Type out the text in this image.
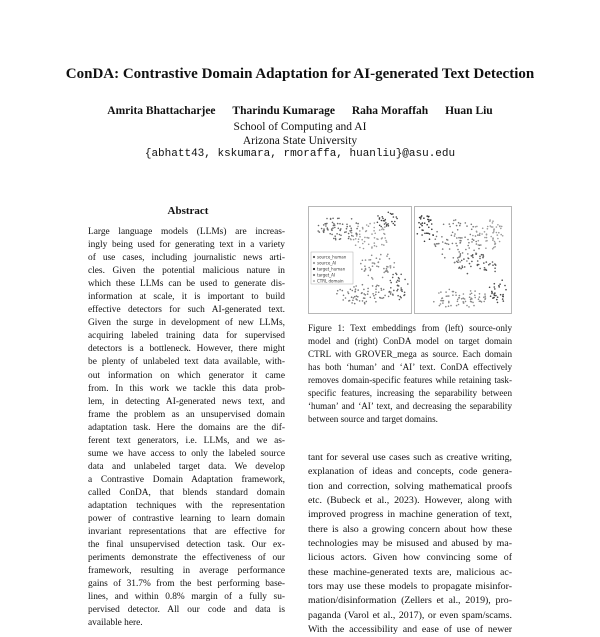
ConDA: Contrastive Domain Adaptation for AI-generated Text Detection
Amrita Bhattacharjee Tharindu Kumarage Raha Moraffah Huan Liu
School of Computing and AI
Arizona State University
{abhatt43, kskumara, rmoraffa, huanliu}@asu.edu
Abstract
Large language models (LLMs) are increas-
ingly being used for generating text in a variety
of use cases, including journalistic news arti-
cles. Given the potential malicious nature in
which these LLMs can be used to generate dis-
information at scale, it is important to build
effective detectors for such AI-generated text.
Given the surge in development of new LLMs,
acquiring labeled training data for supervised
detectors is a bottleneck. However, there might
be plenty of unlabeled text data available, with-
out information on which generator it came
from. In this work we tackle this data prob-
lem, in detecting AI-generated news text, and
frame the problem as an unsupervised domain
adaptation task. Here the domains are the dif-
ferent text generators, i.e. LLMs, and we as-
sume we have access to only the labeled source
data and unlabeled target data. We develop
a Contrastive Domain Adaptation framework,
called ConDA, that blends standard domain
adaptation techniques with the representation
power of contrastive learning to learn domain
invariant representations that are effective for
the final unsupervised detection task. Our ex-
periments demonstrate the effectiveness of our
framework, resulting in average performance
gains of 31.7% from the best performing base-
lines, and within 0.8% margin of a fully su-
pervised detector. All our code and data is
available here.
source_human
source_AI
target_human
target_AI
CTRL domain
Figure 1: Text embeddings from (left) source-only
model and (right) ConDA model on target domain
CTRL with GROVER_mega as source. Each domain
has both ‘human’ and ‘AI’ text. ConDA effectively
removes domain-specific features while retaining task-
specific features, increasing the separability between
‘human’ and ‘AI’ text, and decreasing the separability
between source and target domains.
tant for several use cases such as creative writing,
explanation of ideas and concepts, code genera-
tion and correction, solving mathematical proofs
etc. (Bubeck et al., 2023). However, along with
improved progress in machine generation of text,
there is also a growing concern about how these
technologies may be misused and abused by ma-
licious actors. Given how convincing some of
these machine-generated texts are, malicious ac-
tors may use these models to propagate misinfor-
mation/disinformation (Zellers et al., 2019), pro-
paganda (Varol et al., 2017), or even spam/scams.
With the accessibility and ease of use of newer
